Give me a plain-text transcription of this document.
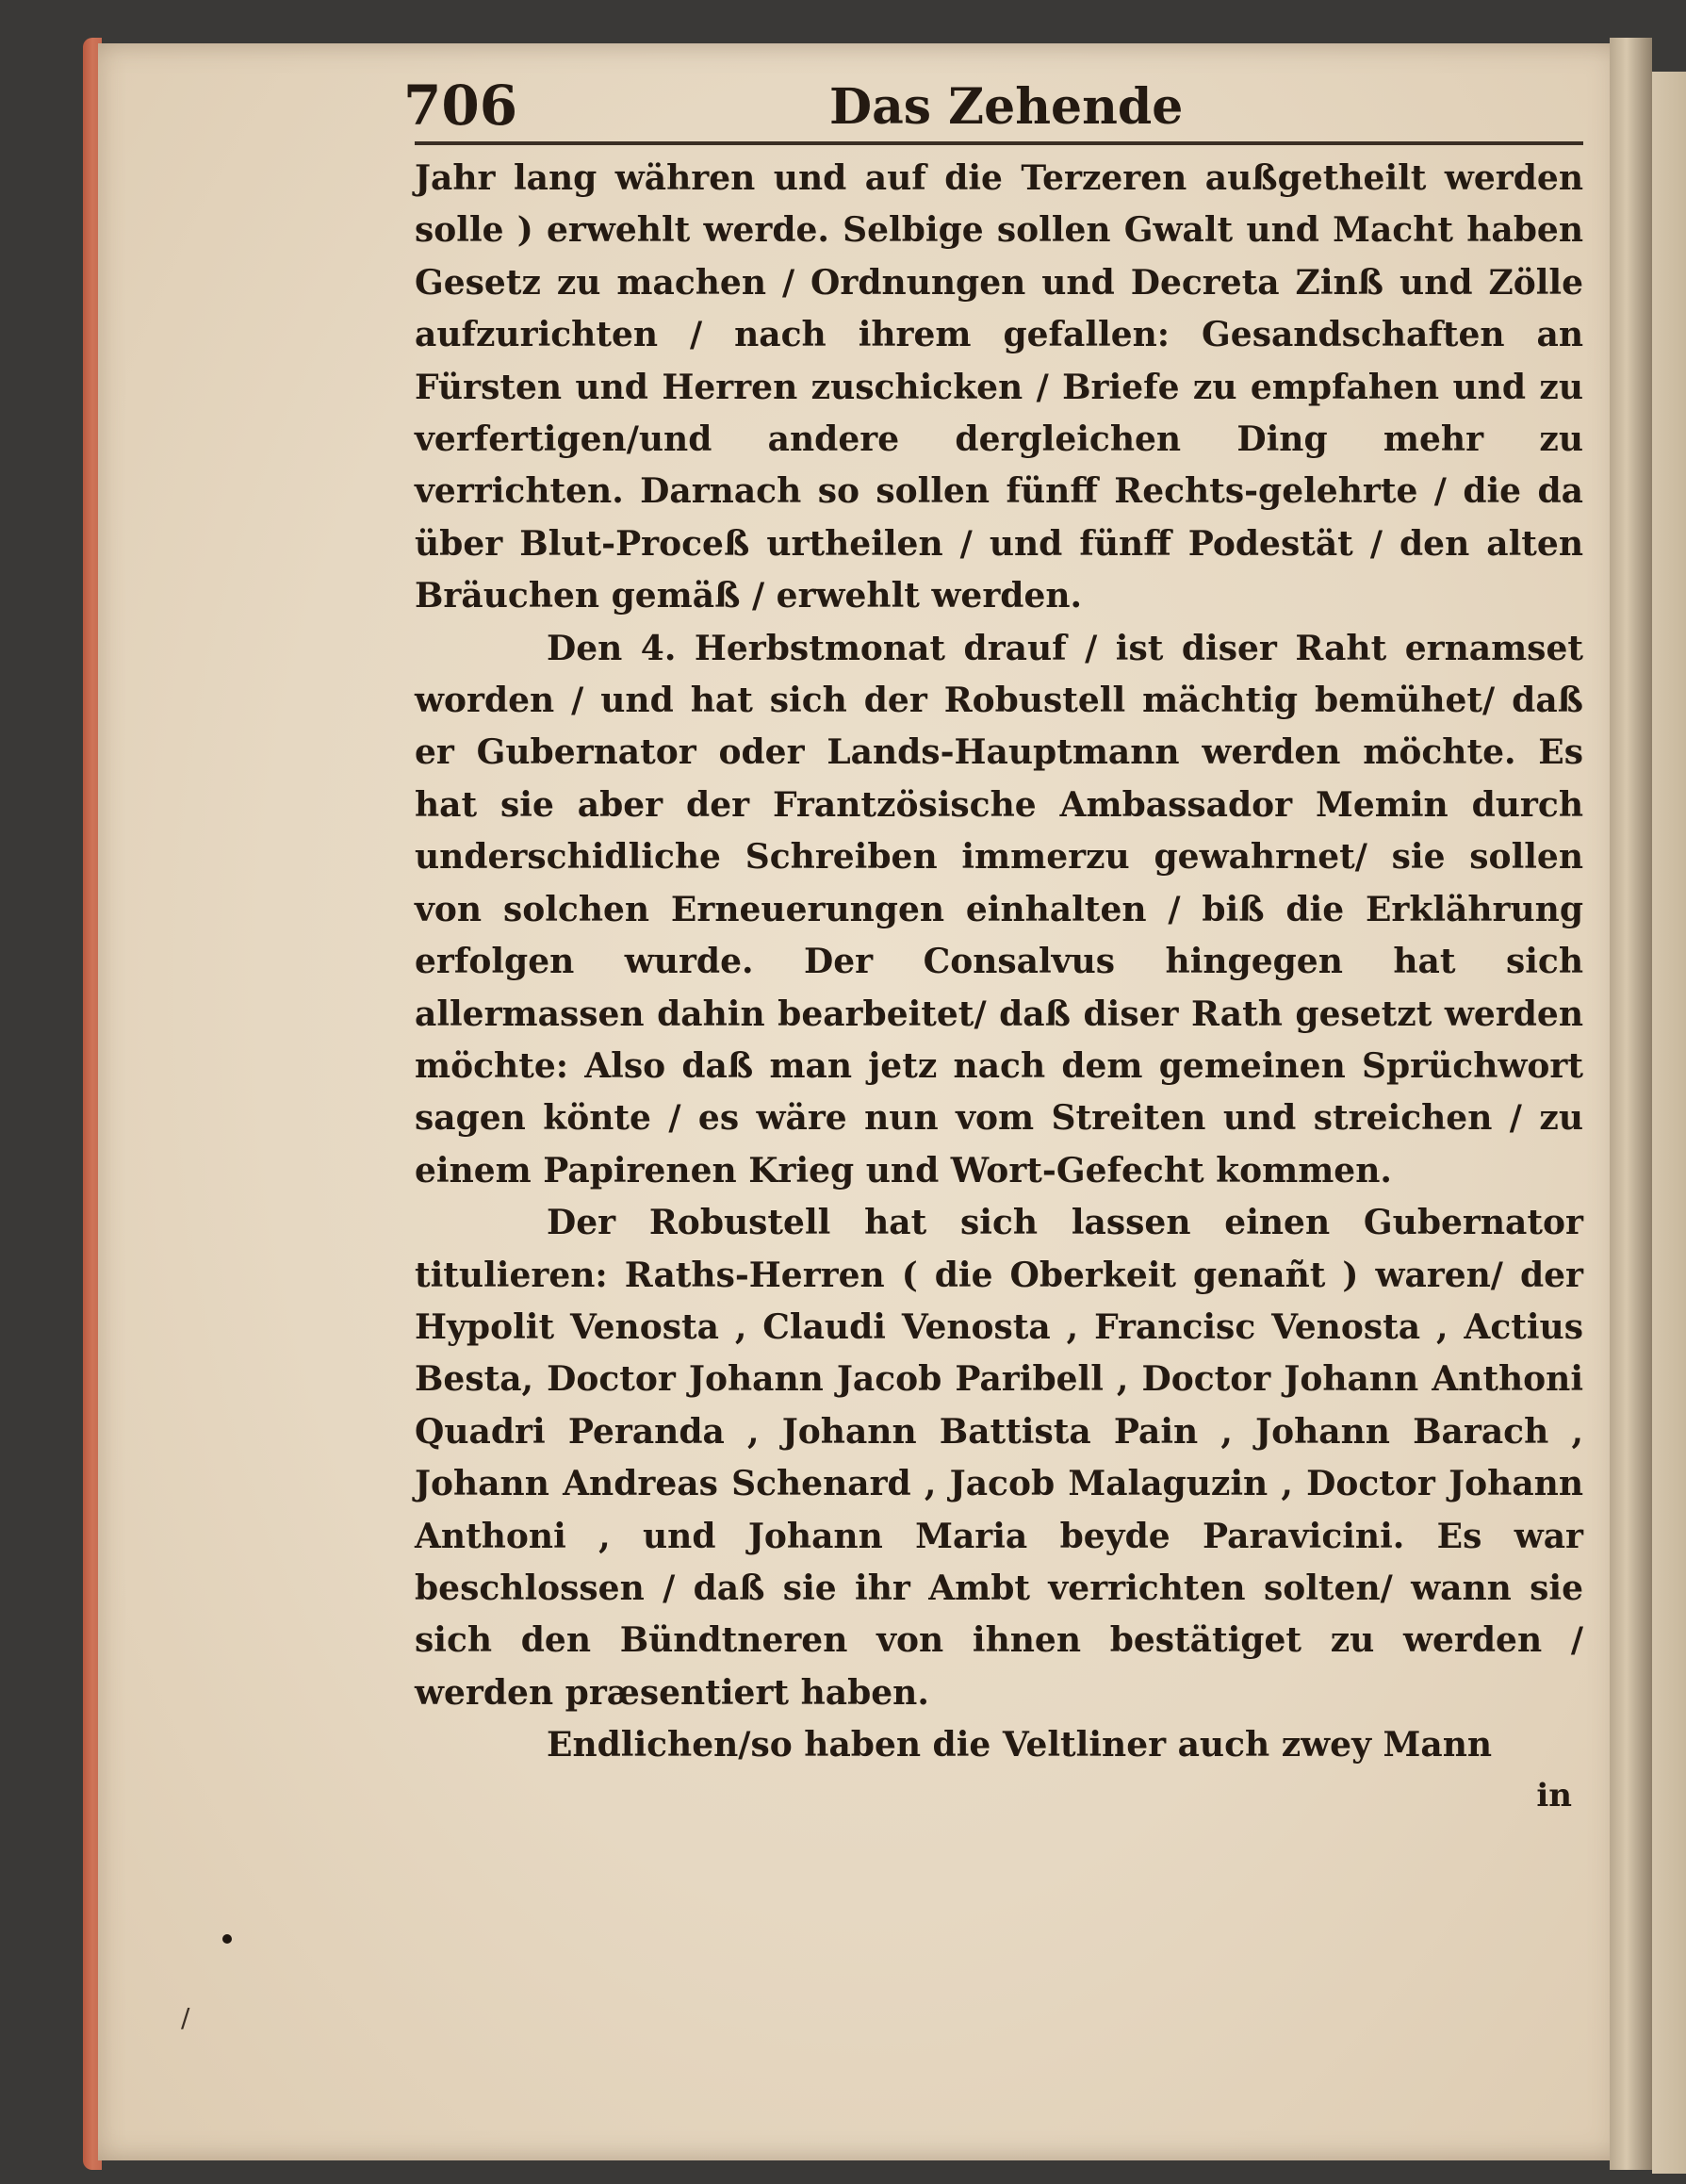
706	Das Zehende

Jahr lang währen und auf die Terzeren außgetheilt werden solle ) erwehlt werde. Selbige sollen Gwalt und Macht haben Gesetz zu machen / Ordnungen und Decreta Zinß und Zölle aufzurichten / nach ihrem gefallen: Gesandschaften an Fürsten und Herren zuschicken / Briefe zu empfahen und zu verfertigen/und andere dergleichen Ding mehr zu verrichten. Darnach so sollen fünff Rechts-gelehrte / die da über Blut-Proceß urtheilen / und fünff Podestät / den alten Bräuchen gemäß / erwehlt werden.

Den 4. Herbstmonat drauf / ist diser Raht ernamset worden / und hat sich der Robustell mächtig bemühet/ daß er Gubernator oder Lands-Hauptmann werden möchte. Es hat sie aber der Frantzösische Ambassador Memin durch underschidliche Schreiben immerzu gewahrnet/ sie sollen von solchen Erneuerungen einhalten / biß die Erklährung erfolgen wurde. Der Consalvus hingegen hat sich allermassen dahin bearbeitet/ daß diser Rath gesetzt werden möchte: Also daß man jetz nach dem gemeinen Sprüchwort sagen könte / es wäre nun vom Streiten und streichen / zu einem Papirenen Krieg und Wort-Gefecht kommen.

Der Robustell hat sich lassen einen Gubernator titulieren: Raths-Herren ( die Oberkeit genañt ) waren/ der Hypolit Venosta , Claudi Venosta , Francisc Venosta , Actius Besta, Doctor Johann Jacob Paribell , Doctor Johann Anthoni Quadri Peranda , Johann Battista Pain , Johann Barach , Johann Andreas Schenard , Jacob Malaguzin , Doctor Johann Anthoni , und Johann Maria beyde Paravicini. Es war beschlossen / daß sie ihr Ambt verrichten solten/ wann sie sich den Bündtneren von ihnen bestätiget zu werden / werden præsentiert haben.

Endlichen/so haben die Veltliner auch zwey Mann

in
/
